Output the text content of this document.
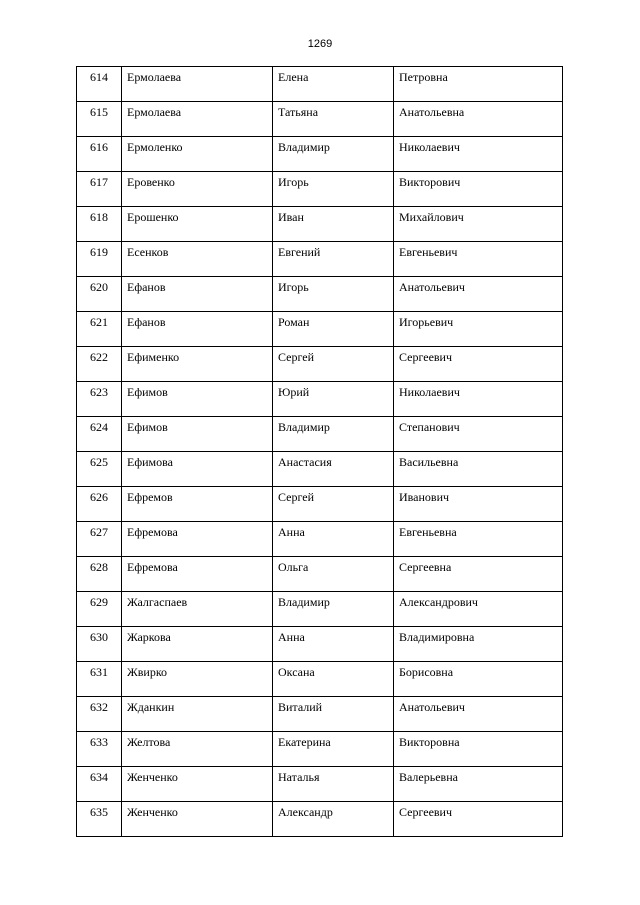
1269
614	Ермолаева	Елена	Петровна
615	Ермолаева	Татьяна	Анатольевна
616	Ермоленко	Владимир	Николаевич
617	Еровенко	Игорь	Викторович
618	Ерошенко	Иван	Михайлович
619	Есенков	Евгений	Евгеньевич
620	Ефанов	Игорь	Анатольевич
621	Ефанов	Роман	Игорьевич
622	Ефименко	Сергей	Сергеевич
623	Ефимов	Юрий	Николаевич
624	Ефимов	Владимир	Степанович
625	Ефимова	Анастасия	Васильевна
626	Ефремов	Сергей	Иванович
627	Ефремова	Анна	Евгеньевна
628	Ефремова	Ольга	Сергеевна
629	Жалгаспаев	Владимир	Александрович
630	Жаркова	Анна	Владимировна
631	Жвирко	Оксана	Борисовна
632	Жданкин	Виталий	Анатольевич
633	Желтова	Екатерина	Викторовна
634	Женченко	Наталья	Валерьевна
635	Женченко	Александр	Сергеевич
